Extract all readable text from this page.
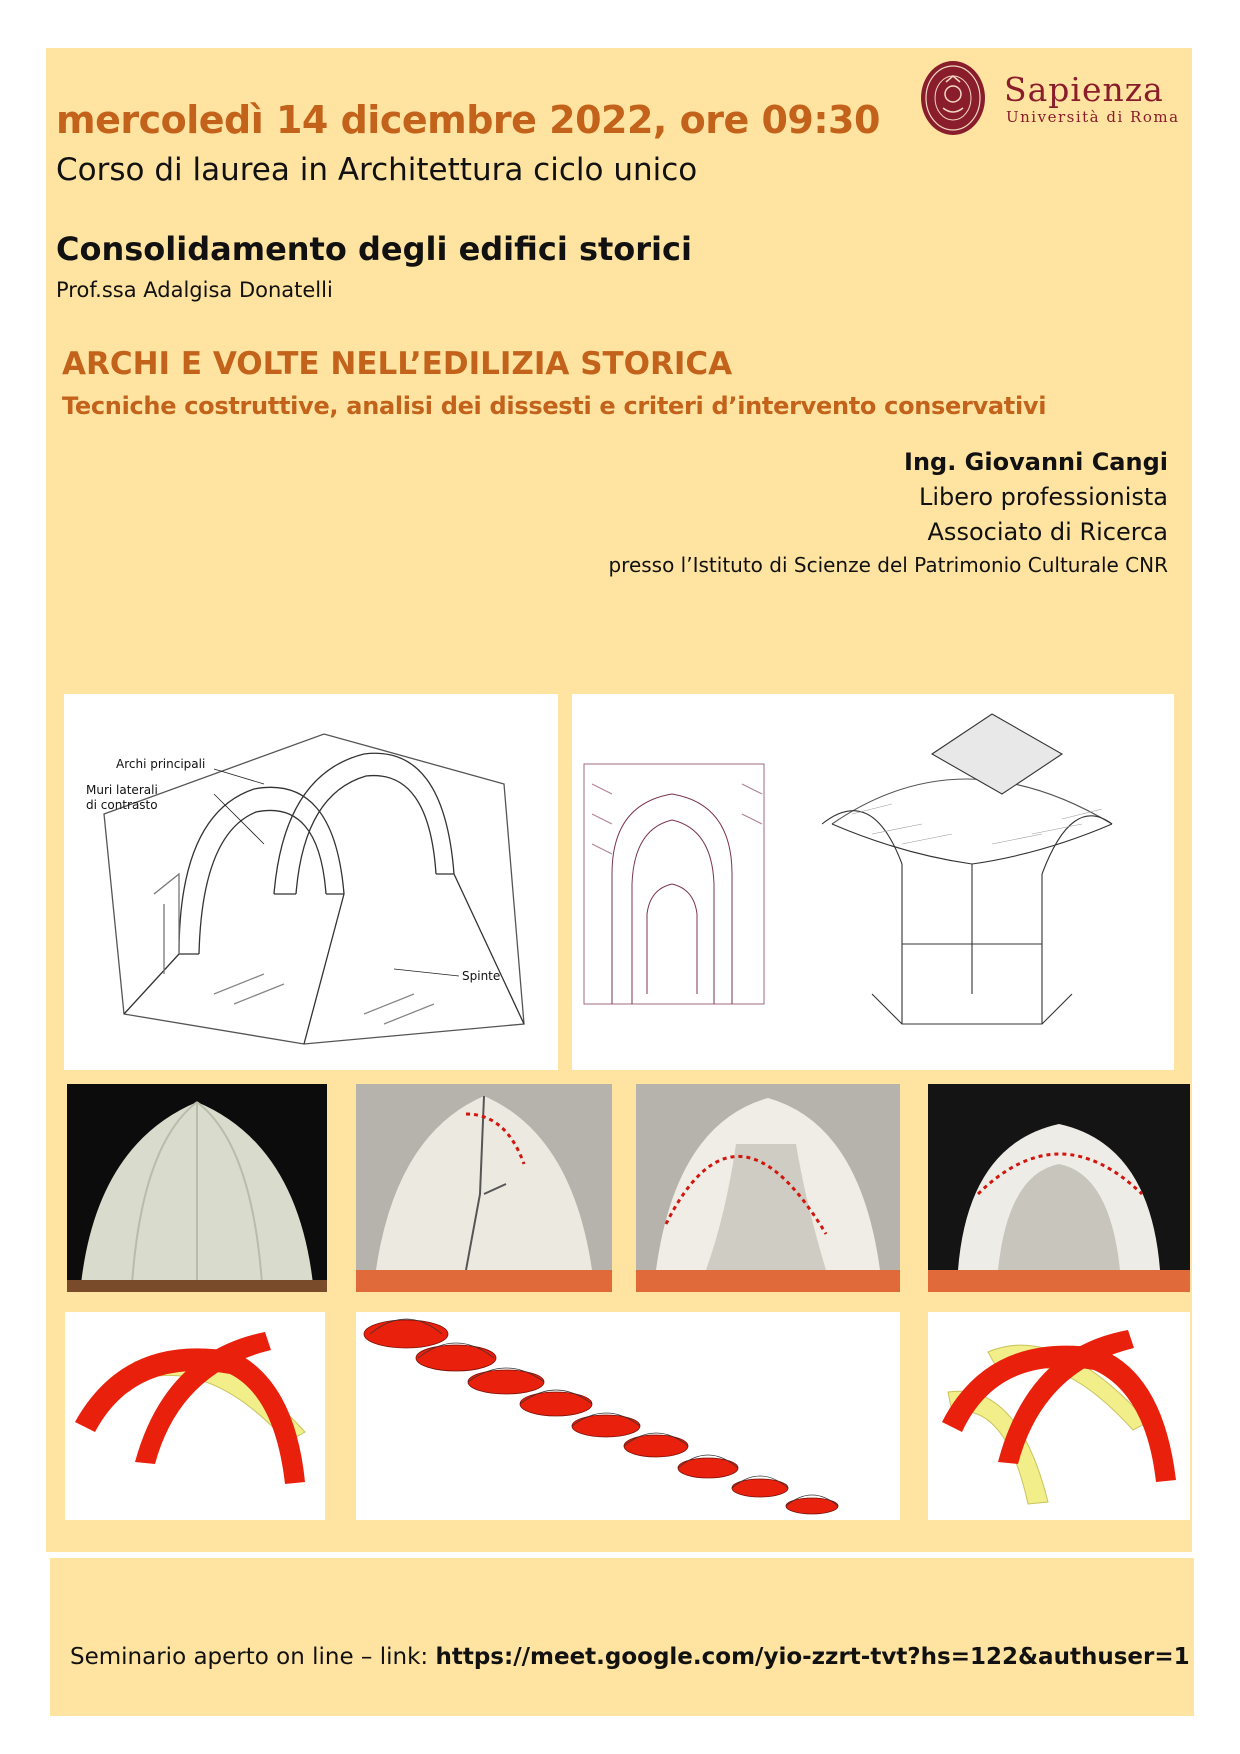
Sapienza
Università di Roma
mercoledì 14 dicembre 2022, ore 09:30
Corso di laurea in Architettura ciclo unico
Consolidamento degli edifici storici
Prof.ssa Adalgisa Donatelli
ARCHI E VOLTE NELL’EDILIZIA STORICA
Tecniche costruttive, analisi dei dissesti e criteri d’intervento conservativi
Ing. Giovanni Cangi
Libero professionista
Associato di Ricerca
presso l’Istituto di Scienze del Patrimonio Culturale CNR
Archi principali
Muri laterali
di contrasto
Spinte
Seminario aperto on line – link: https://meet.google.com/yio-zzrt-tvt?hs=122&authuser=1
